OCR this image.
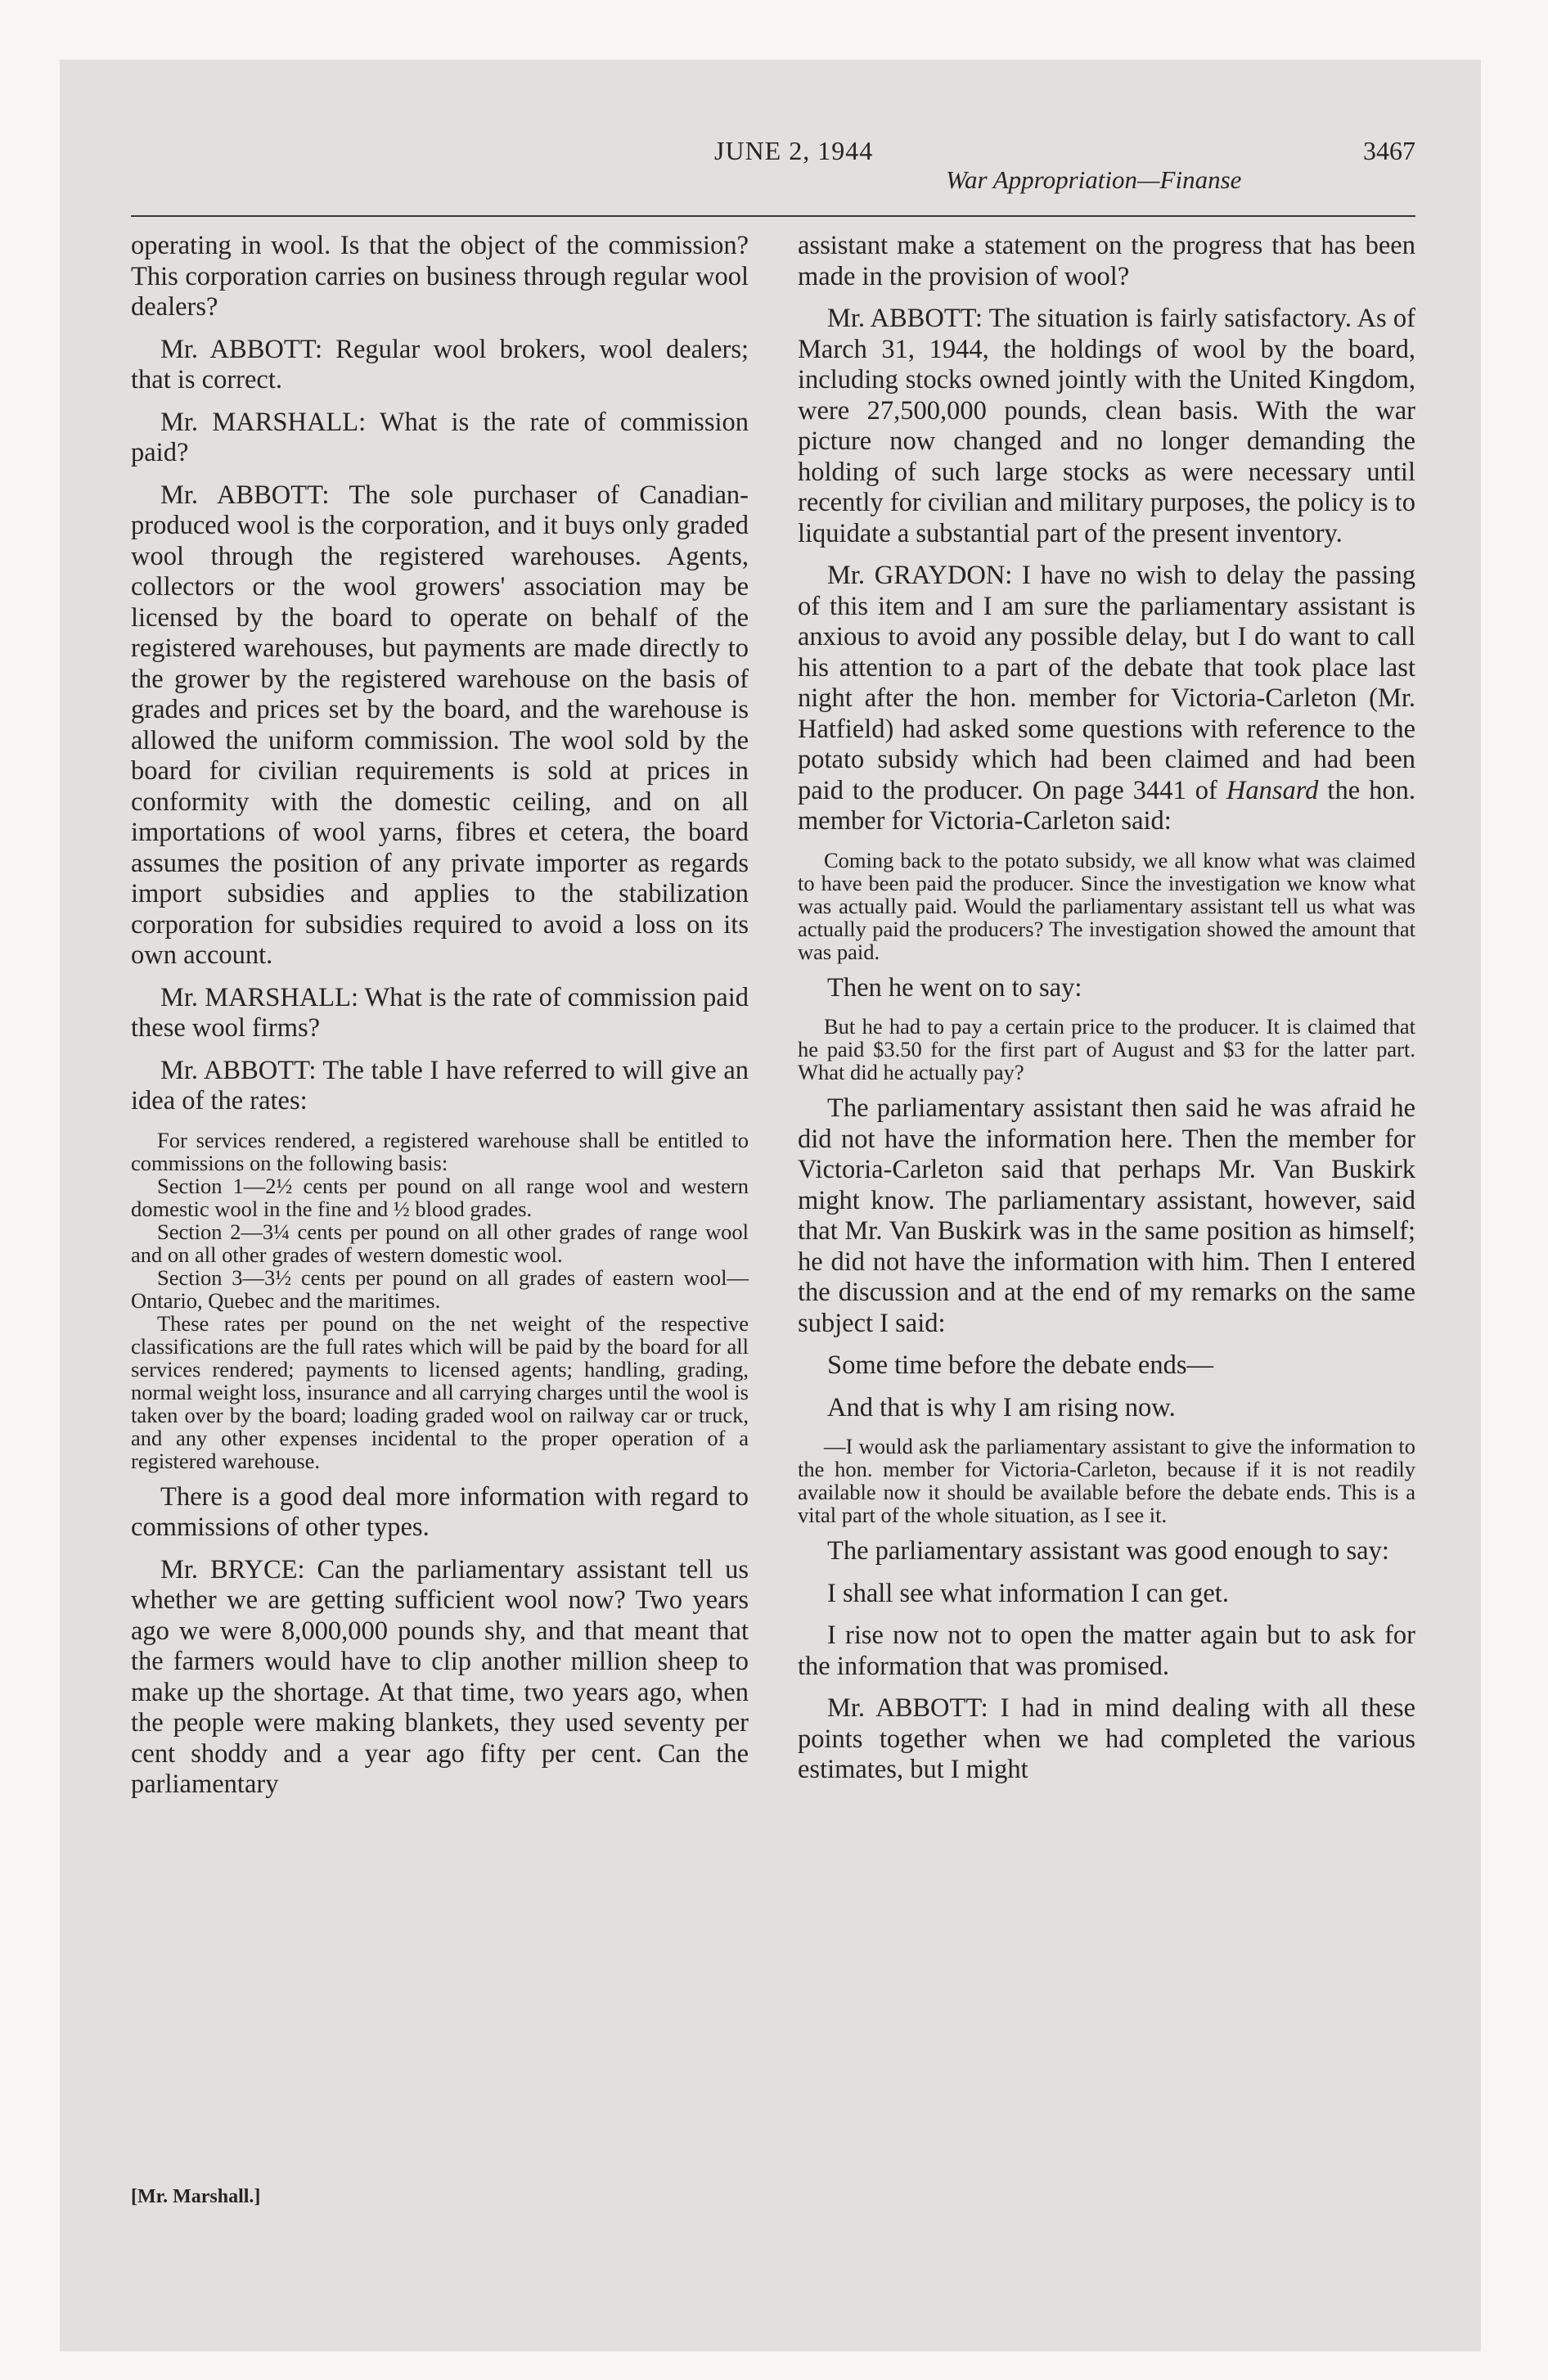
JUNE 2, 1944
War Appropriation—Finanse
3467

operating in wool. Is that the object of the commission? This corporation carries on business through regular wool dealers?

Mr. ABBOTT: Regular wool brokers, wool dealers; that is correct.

Mr. MARSHALL: What is the rate of commission paid?

Mr. ABBOTT: The sole purchaser of Canadian-produced wool is the corporation, and it buys only graded wool through the registered warehouses. Agents, collectors or the wool growers' association may be licensed by the board to operate on behalf of the registered warehouses, but payments are made directly to the grower by the registered warehouse on the basis of grades and prices set by the board, and the warehouse is allowed the uniform commission. The wool sold by the board for civilian requirements is sold at prices in conformity with the domestic ceiling, and on all importations of wool yarns, fibres et cetera, the board assumes the position of any private importer as regards import subsidies and applies to the stabilization corporation for subsidies required to avoid a loss on its own account.

Mr. MARSHALL: What is the rate of commission paid these wool firms?

Mr. ABBOTT: The table I have referred to will give an idea of the rates:

For services rendered, a registered warehouse shall be entitled to commissions on the following basis:
Section 1—2½ cents per pound on all range wool and western domestic wool in the fine and ½ blood grades.
Section 2—3¼ cents per pound on all other grades of range wool and on all other grades of western domestic wool.
Section 3—3½ cents per pound on all grades of eastern wool—Ontario, Quebec and the maritimes.
These rates per pound on the net weight of the respective classifications are the full rates which will be paid by the board for all services rendered; payments to licensed agents; handling, grading, normal weight loss, insurance and all carrying charges until the wool is taken over by the board; loading graded wool on railway car or truck, and any other expenses incidental to the proper operation of a registered warehouse.

There is a good deal more information with regard to commissions of other types.

Mr. BRYCE: Can the parliamentary assistant tell us whether we are getting sufficient wool now? Two years ago we were 8,000,000 pounds shy, and that meant that the farmers would have to clip another million sheep to make up the shortage. At that time, two years ago, when the people were making blankets, they used seventy per cent shoddy and a year ago fifty per cent. Can the parliamentary

assistant make a statement on the progress that has been made in the provision of wool?

Mr. ABBOTT: The situation is fairly satisfactory. As of March 31, 1944, the holdings of wool by the board, including stocks owned jointly with the United Kingdom, were 27,500,000 pounds, clean basis. With the war picture now changed and no longer demanding the holding of such large stocks as were necessary until recently for civilian and military purposes, the policy is to liquidate a substantial part of the present inventory.

Mr. GRAYDON: I have no wish to delay the passing of this item and I am sure the parliamentary assistant is anxious to avoid any possible delay, but I do want to call his attention to a part of the debate that took place last night after the hon. member for Victoria-Carleton (Mr. Hatfield) had asked some questions with reference to the potato subsidy which had been claimed and had been paid to the producer. On page 3441 of Hansard the hon. member for Victoria-Carleton said:

Coming back to the potato subsidy, we all know what was claimed to have been paid the producer. Since the investigation we know what was actually paid. Would the parliamentary assistant tell us what was actually paid the producers? The investigation showed the amount that was paid.

Then he went on to say:

But he had to pay a certain price to the producer. It is claimed that he paid $3.50 for the first part of August and $3 for the latter part. What did he actually pay?

The parliamentary assistant then said he was afraid he did not have the information here. Then the member for Victoria-Carleton said that perhaps Mr. Van Buskirk might know. The parliamentary assistant, however, said that Mr. Van Buskirk was in the same position as himself; he did not have the information with him. Then I entered the discussion and at the end of my remarks on the same subject I said:

Some time before the debate ends—

And that is why I am rising now.

—I would ask the parliamentary assistant to give the information to the hon. member for Victoria-Carleton, because if it is not readily available now it should be available before the debate ends. This is a vital part of the whole situation, as I see it.

The parliamentary assistant was good enough to say:

I shall see what information I can get.

I rise now not to open the matter again but to ask for the information that was promised.

Mr. ABBOTT: I had in mind dealing with all these points together when we had completed the various estimates, but I might

[Mr. Marshall.]
